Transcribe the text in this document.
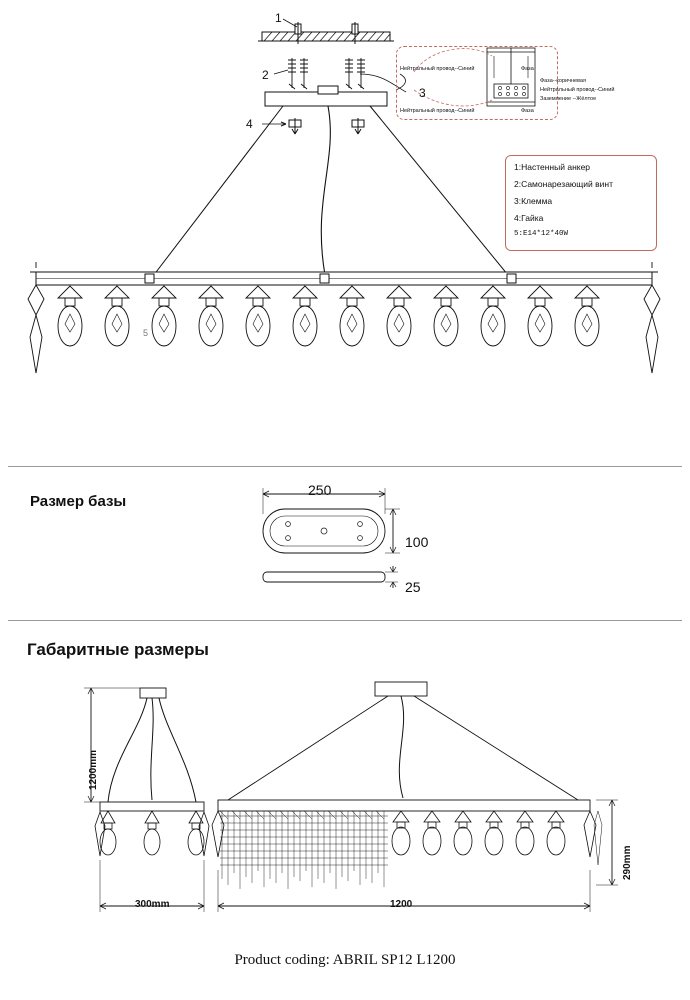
1
2
3
4
5
Нейтральный провод--Синий
Нейтральный провод--Синий
Фаза
Фаза
Фаза--коричневая
Нейтральный провод--Синий
Заземление --Жёлтое
1:Настенный анкер
2:Самонарезающий винт
3:Клемма
4:Гайка
5:E14*12*40W
Размер базы
250
100
25
Габаритные размеры
1200mm
300mm	1200
290mm
Product coding: ABRIL SP12 L1200
